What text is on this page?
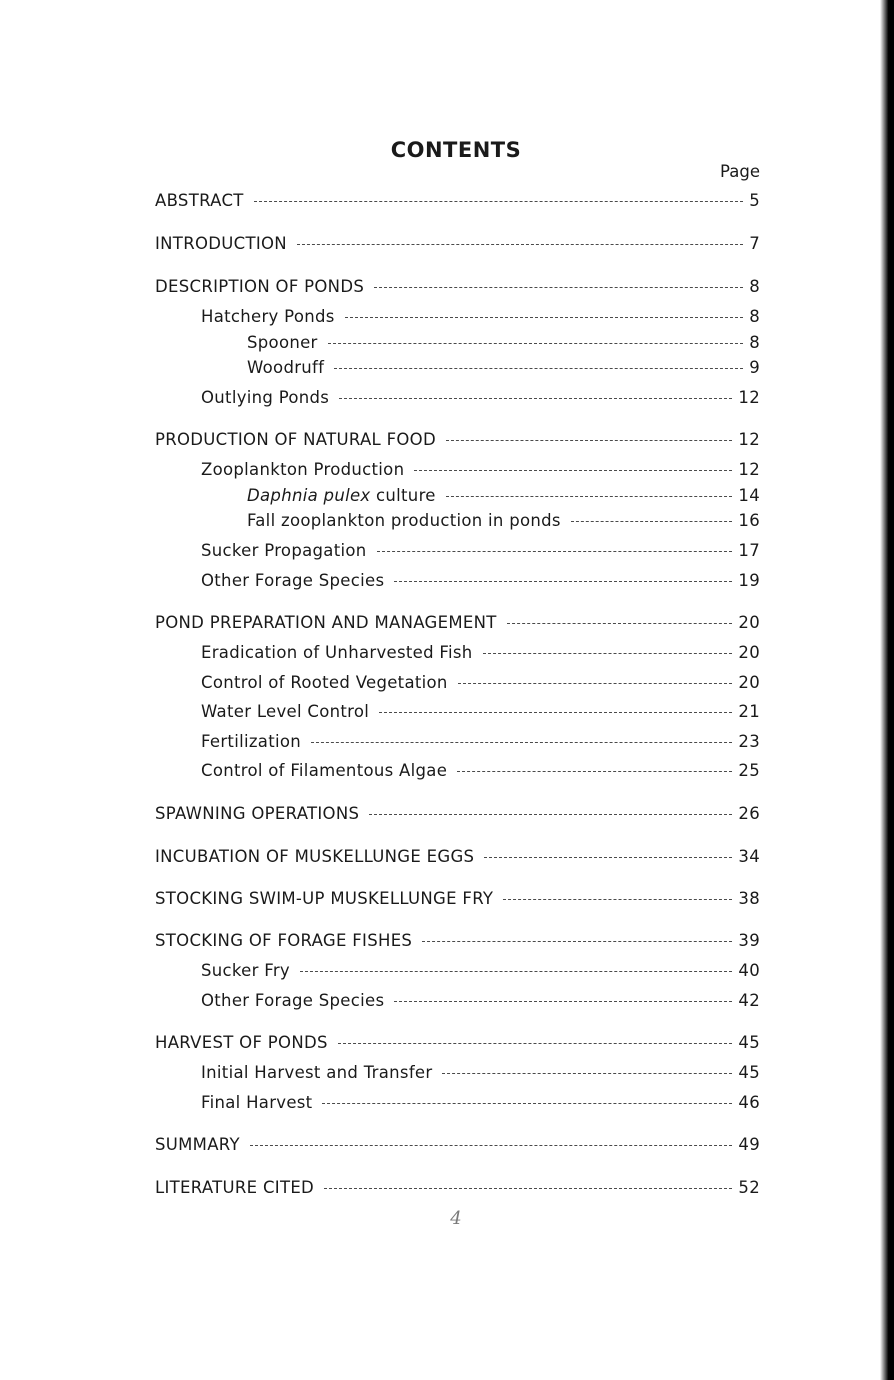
CONTENTS
Page
ABSTRACT	5
INTRODUCTION	7
DESCRIPTION OF PONDS	8
Hatchery Ponds	8
Spooner	8
Woodruff	9
Outlying Ponds	12
PRODUCTION OF NATURAL FOOD	12
Zooplankton Production	12
Daphnia pulex culture	14
Fall zooplankton production in ponds	16
Sucker Propagation	17
Other Forage Species	19
POND PREPARATION AND MANAGEMENT	20
Eradication of Unharvested Fish	20
Control of Rooted Vegetation	20
Water Level Control	21
Fertilization	23
Control of Filamentous Algae	25
SPAWNING OPERATIONS	26
INCUBATION OF MUSKELLUNGE EGGS	34
STOCKING SWIM-UP MUSKELLUNGE FRY	38
STOCKING OF FORAGE FISHES	39
Sucker Fry	40
Other Forage Species	42
HARVEST OF PONDS	45
Initial Harvest and Transfer	45
Final Harvest	46
SUMMARY	49
LITERATURE CITED	52
4
